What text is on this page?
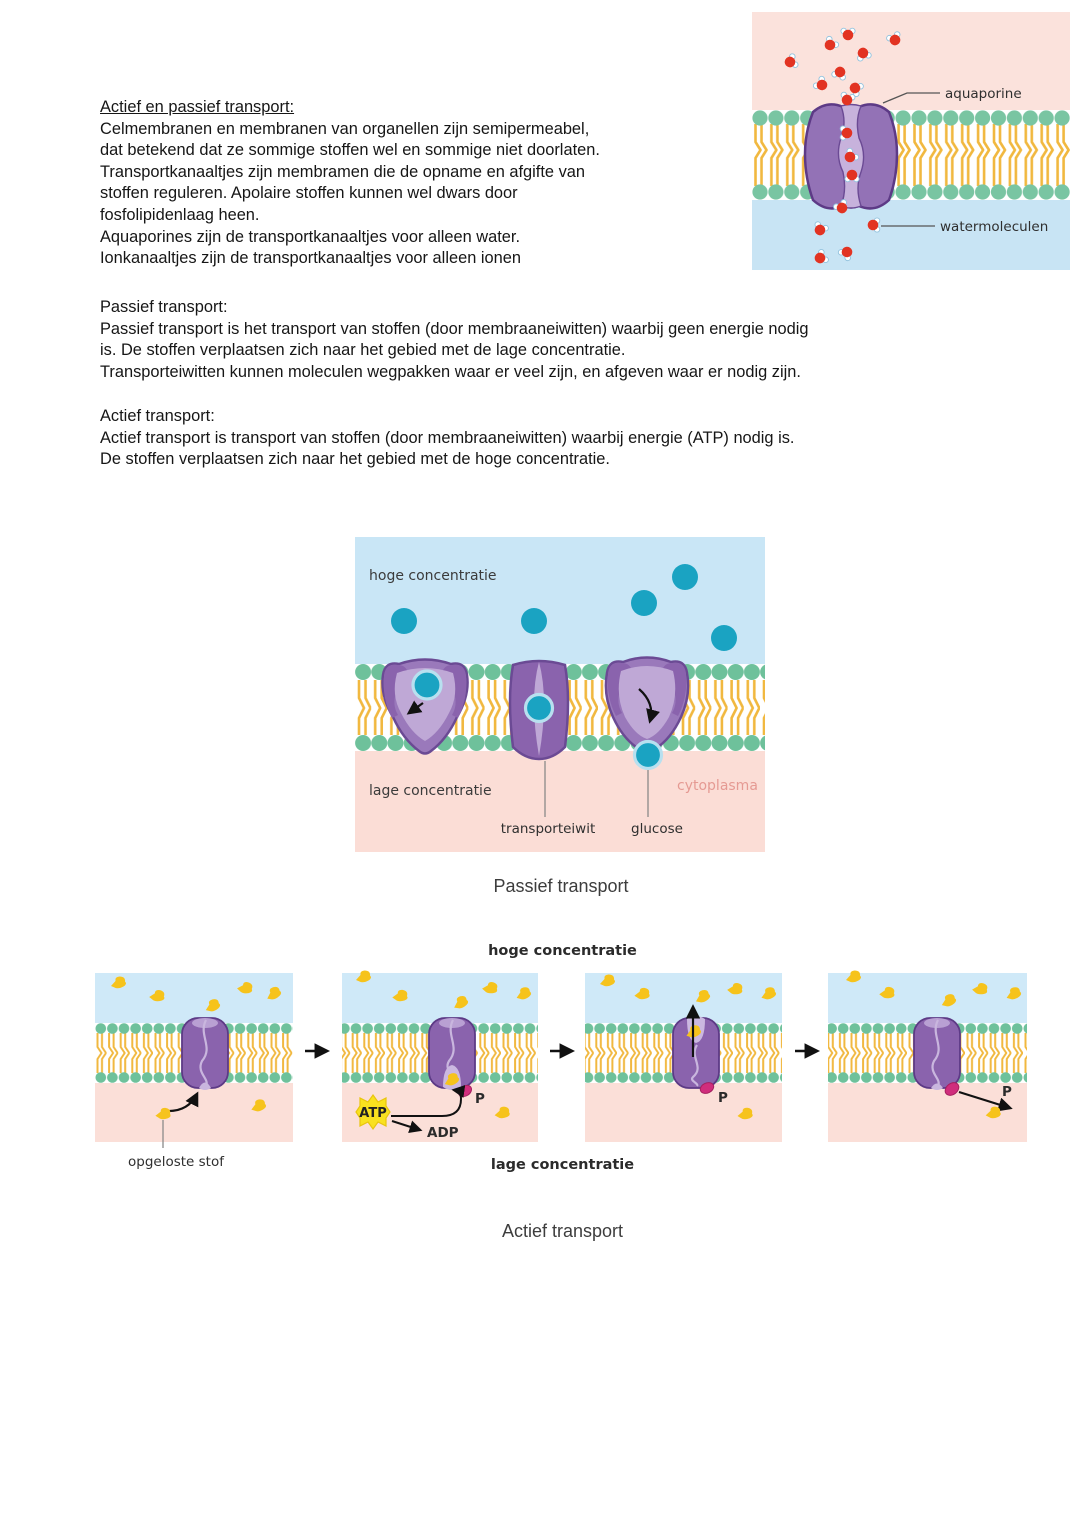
Actief en passief transport:
Celmembranen en membranen van organellen zijn semipermeabel,
dat betekend dat ze sommige stoffen wel en sommige niet doorlaten.
Transportkanaaltjes zijn membramen die de opname en afgifte van
stoffen reguleren. Apolaire stoffen kunnen wel dwars door
fosfolipidenlaag heen.
Aquaporines zijn de transportkanaaltjes voor alleen water.
Ionkanaaltjes zijn de transportkanaaltjes voor alleen ionen
Passief transport:
Passief transport is het transport van stoffen (door membraaneiwitten) waarbij geen energie nodig
is. De stoffen verplaatsen zich naar het gebied met de lage concentratie.
Transporteiwitten kunnen moleculen wegpakken waar er veel zijn, en afgeven waar er nodig zijn.
Actief transport:
Actief transport is transport van stoffen (door membraaneiwitten) waarbij energie (ATP) nodig is.
De stoffen verplaatsen zich naar het gebied met de hoge concentratie.
aquaporine
watermoleculen
hoge concentratie
lage concentratie	cytoplasma
transporteiwit	glucose
Passief transport
hoge concentratie
opgeloste stof
P
ATP
ADP
P	P
lage concentratie
Actief transport
